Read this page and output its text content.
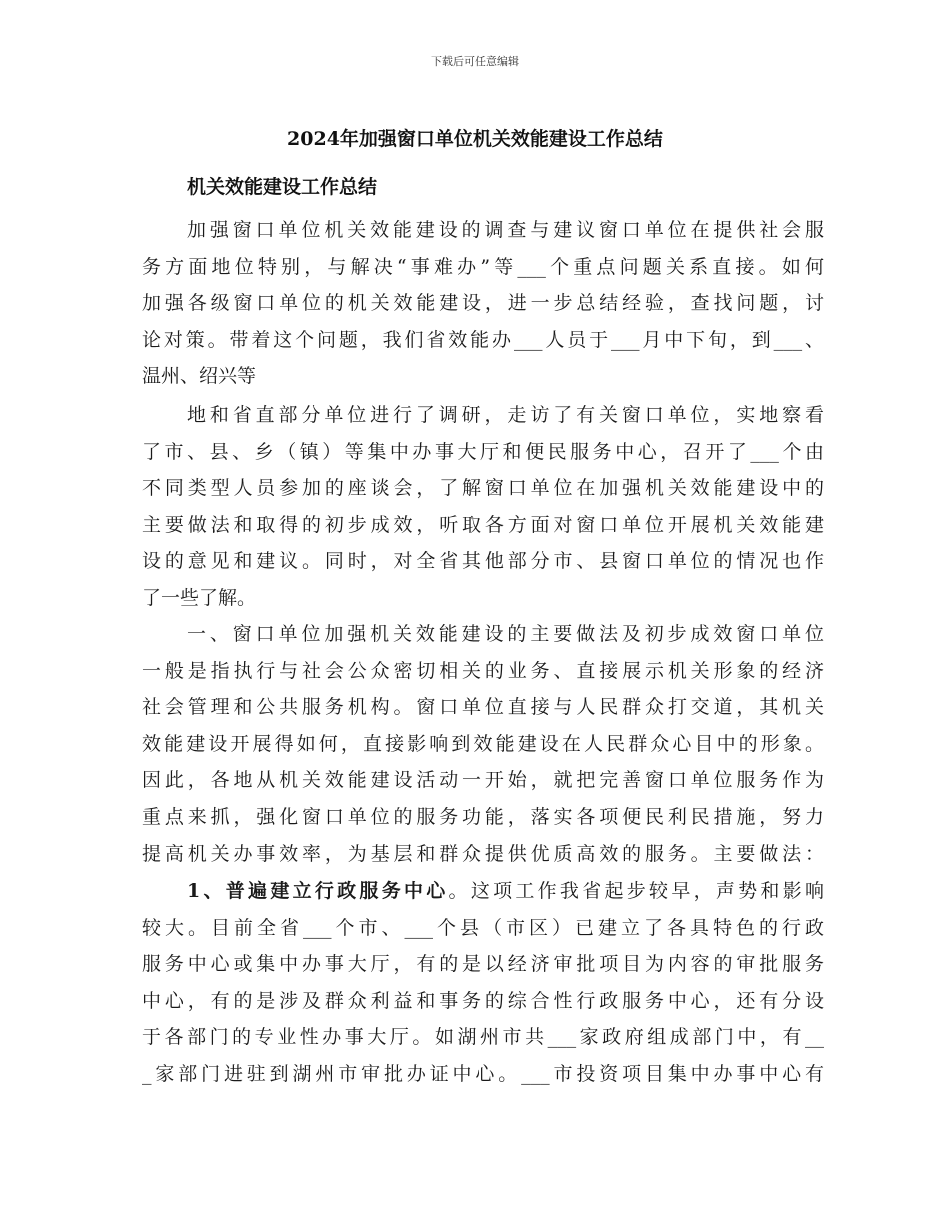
下载后可任意编辑
2024年加强窗口单位机关效能建设工作总结
机关效能建设工作总结
加强窗口单位机关效能建设的调查与建议窗口单位在提供社会服
务方面地位特别，与解决“事难办”等___个重点问题关系直接。如何
加强各级窗口单位的机关效能建设，进一步总结经验，查找问题，讨
论对策。带着这个问题，我们省效能办___人员于___月中下旬，到___、
温州、绍兴等
地和省直部分单位进行了调研，走访了有关窗口单位，实地察看
了市、县、乡（镇）等集中办事大厅和便民服务中心，召开了___个由
不同类型人员参加的座谈会，了解窗口单位在加强机关效能建设中的
主要做法和取得的初步成效，听取各方面对窗口单位开展机关效能建
设的意见和建议。同时，对全省其他部分市、县窗口单位的情况也作
了一些了解。
一、窗口单位加强机关效能建设的主要做法及初步成效窗口单位
一般是指执行与社会公众密切相关的业务、直接展示机关形象的经济
社会管理和公共服务机构。窗口单位直接与人民群众打交道，其机关
效能建设开展得如何，直接影响到效能建设在人民群众心目中的形象。
因此，各地从机关效能建设活动一开始，就把完善窗口单位服务作为
重点来抓，强化窗口单位的服务功能，落实各项便民利民措施，努力
提高机关办事效率，为基层和群众提供优质高效的服务。主要做法：
1、普遍建立行政服务中心。这项工作我省起步较早，声势和影响
较大。目前全省___个市、___个县（市区）已建立了各具特色的行政
服务中心或集中办事大厅，有的是以经济审批项目为内容的审批服务
中心，有的是涉及群众利益和事务的综合性行政服务中心，还有分设
于各部门的专业性办事大厅。如湖州市共___家政府组成部门中，有__
_家部门进驻到湖州市审批办证中心。___市投资项目集中办事中心有
